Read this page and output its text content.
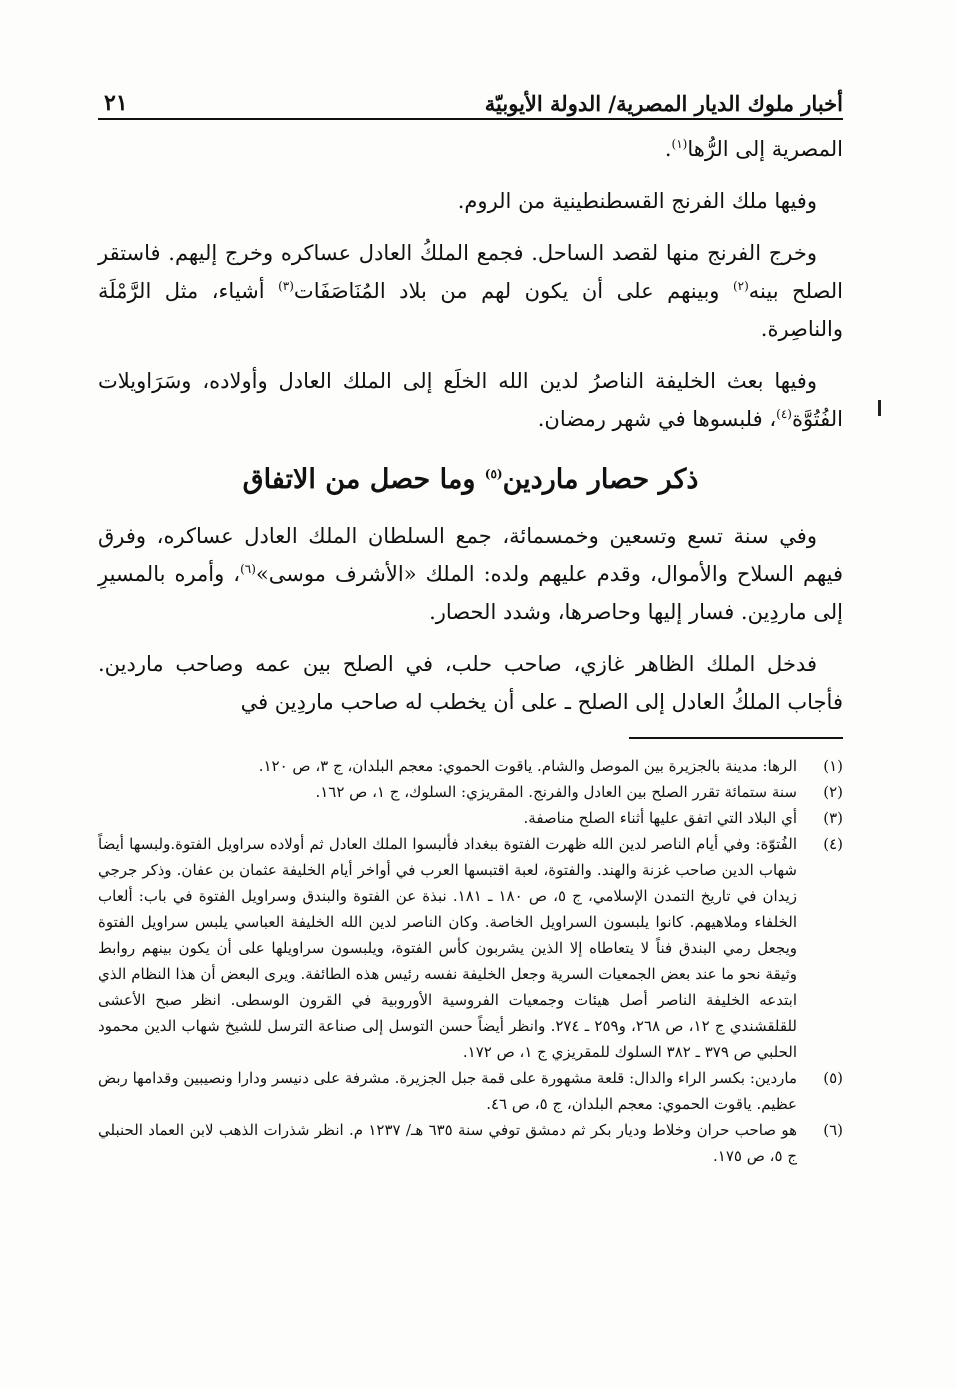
أخبار ملوك الديار المصرية/ الدولة الأيوبيّة
٢١

المصرية إلى الرُّها$^{(١)}$.

وفيها ملك الفرنج القسطنطينية من الروم.

وخرج الفرنج منها لقصد الساحل. فجمع الملكُ العادل عساكره وخرج إليهم. فاستقر الصلح بينه$^{(٢)}$ وبينهم على أن يكون لهم من بلاد المُنَاصَفَات$^{(٣)}$ أشياء، مثل الرَّمْلَة والناصِرة.

وفيها بعث الخليفة الناصرُ لدين الله الخلَع إلى الملك العادل وأولاده، وسَرَاويلات الفُتُوَّة$^{(٤)}$، فلبسوها في شهر رمضان.

ذكر حصار ماردين$^{(٥)}$ وما حصل من الاتفاق

وفي سنة تسع وتسعين وخمسمائة، جمع السلطان الملك العادل عساكره، وفرق فيهم السلاح والأموال، وقدم عليهم ولده: الملك «الأشرف موسى»$^{(٦)}$، وأمره بالمسيرِ إلى ماردِين. فسار إليها وحاصرها، وشدد الحصار.

فدخل الملك الظاهر غازي، صاحب حلب، في الصلح بين عمه وصاحب ماردين. فأجاب الملكُ العادل إلى الصلح ـ على أن يخطب له صاحب ماردِين في

(١)
الرها: مدينة بالجزيرة بين الموصل والشام. ياقوت الحموي: معجم البلدان، ج ٣، ص ١٢٠.
(٢)
سنة ستمائة تقرر الصلح بين العادل والفرنج. المقريزي: السلوك، ج ١، ص ١٦٢.
(٣)
أي البلاد التي اتفق عليها أثناء الصلح مناصفة.
(٤)
الفُتوّة: وفي أيام الناصر لدين الله ظهرت الفتوة ببغداد فألبسوا الملك العادل ثم أولاده سراويل الفتوة.ولبسها أيضاً شهاب الدين صاحب غزنة والهند. والفتوة، لعبة اقتبسها العرب في أواخر أيام الخليفة عثمان بن عفان. وذكر جرجي زيدان في تاريخ التمدن الإسلامي، ج ٥، ص ١٨٠ ـ ١٨١. نبذة عن الفتوة والبندق وسراويل الفتوة في باب: ألعاب الخلفاء وملاهيهم. كانوا يلبسون السراويل الخاصة. وكان الناصر لدين الله الخليفة العباسي يلبس سراويل الفتوة ويجعل رمي البندق فناً لا يتعاطاه إلا الذين يشربون كأس الفتوة، ويلبسون سراويلها على أن يكون بينهم روابط وثيقة نحو ما عند بعض الجمعيات السرية وجعل الخليفة نفسه رئيس هذه الطائفة. ويرى البعض أن هذا النظام الذي ابتدعه الخليفة الناصر أصل هيئات وجمعيات الفروسية الأوروبية في القرون الوسطى. انظر صبح الأعشى للقلقشندي ج ١٢، ص ٢٦٨، و٢٥٩ ـ ٢٧٤. وانظر أيضاً حسن التوسل إلى صناعة الترسل للشيخ شهاب الدين محمود الحلبي ص ٣٧٩ ـ ٣٨٢ السلوك للمقريزي ج ١، ص ١٧٢.
(٥)
ماردين: بكسر الراء والدال: قلعة مشهورة على قمة جبل الجزيرة. مشرفة على دنيسر ودارا ونصيبين وقدامها ربض عظيم. ياقوت الحموي: معجم البلدان، ج ٥، ص ٤٦.
(٦)
هو صاحب حران وخلاط وديار بكر ثم دمشق توفي سنة ٦٣٥ هـ/ ١٢٣٧ م. انظر شذرات الذهب لابن العماد الحنبلي ج ٥، ص ١٧٥.
